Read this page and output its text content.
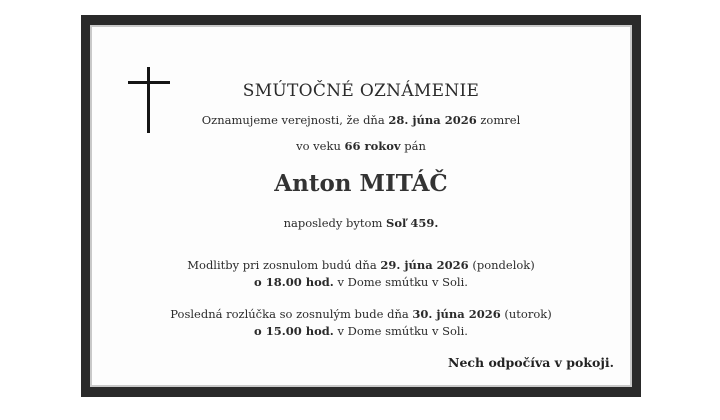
SMÚTOČNÉ OZNÁMENIE
Oznamujeme verejnosti, že dňa 28. júna 2026 zomrel
vo veku 66 rokov pán
Anton MITÁČ
naposledy bytom Soľ 459.
Modlitby pri zosnulom budú dňa 29. júna 2026 (pondelok)
o 18.00 hod. v Dome smútku v Soli.
Posledná rozlúčka so zosnulým bude dňa 30. júna 2026 (utorok)
o 15.00 hod. v Dome smútku v Soli.
Nech odpočíva v pokoji.
